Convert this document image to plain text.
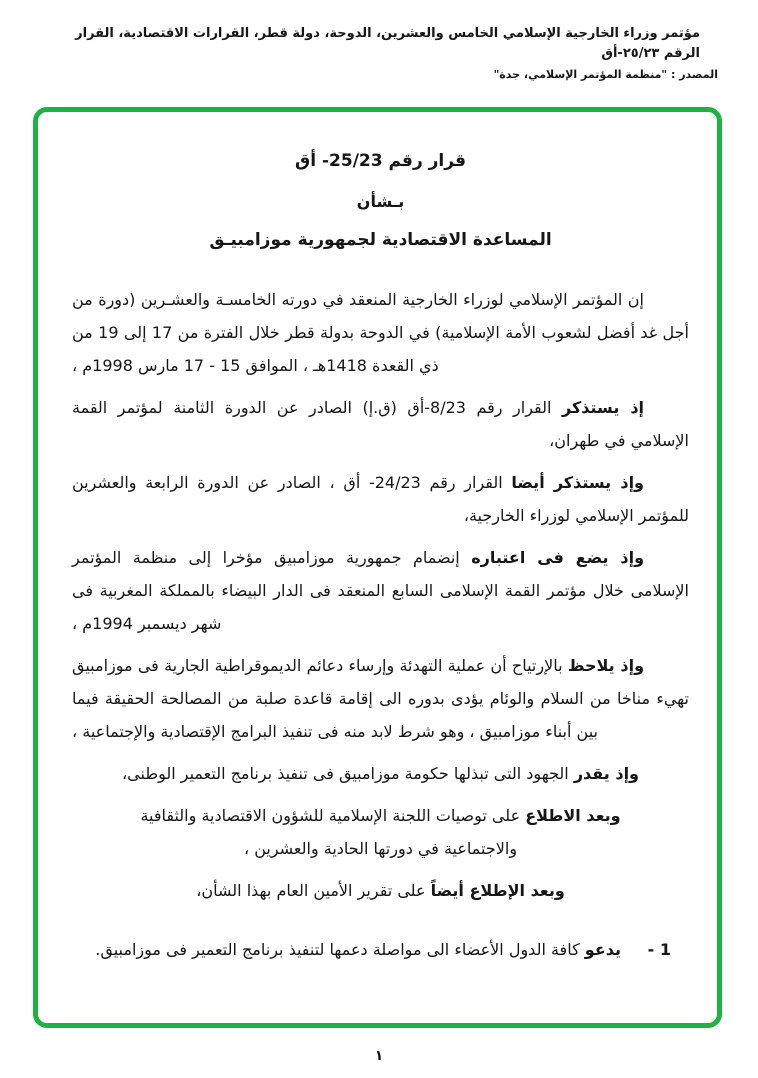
مؤتمر وزراء الخارجية الإسلامي الخامس والعشرين، الدوحة، دولة قطر، القرارات الاقتصادية، القرار الرقم ٢٥/٢٣-أق
المصدر : "منظمة المؤتمر الإسلامي، جدة"
قرار رقم 25/23- أق
بـشأن
المساعدة الاقتصادية لجمهورية موزامبيـق

إن المؤتمر الإسلامي لوزراء الخارجية المنعقد في دورته الخامسـة والعشـرين (دورة من أجل غد أفضل لشعوب الأمة الإسلامية) في الدوحة بدولة قطر خلال الفترة من 17 إلى 19 من ذي القعدة 1418هـ ، الموافق 15 - 17 مارس 1998م ،

إذ يستذكر القرار رقم 8/23-أق (ق.إ) الصادر عن الدورة الثامنة لمؤتمر القمة الإسلامي في طهران،

وإذ يستذكر أيضا القرار رقم 24/23- أق ، الصادر عن الدورة الرابعة والعشرين للمؤتمر الإسلامي لوزراء الخارجية،

وإذ يضع فى اعتباره إنضمام جمهورية موزامبيق مؤخرا إلى منظمة المؤتمر الإسلامى خلال مؤتمر القمة الإسلامى السابع المنعقد فى الدار البيضاء بالمملكة المغربية فى شهر ديسمبر 1994م ،

وإذ يلاحظ بالإرتياح أن عملية التهدئة وإرساء دعائم الديموقراطية الجارية فى موزامبيق تهيء مناخا من السلام والوئام يؤدى بدوره الى إقامة قاعدة صلبة من المصالحة الحقيقة فيما بين أبناء موزامبيق ، وهو شرط لابد منه فى تنفيذ البرامج الإقتصادية والإجتماعية ،

وإذ يقدر الجهود التى تبذلها حكومة موزامبيق فى تنفيذ برنامج التعمير الوطنى،

وبعد الاطلاع على توصيات اللجنة الإسلامية للشؤون الاقتصادية والثقافية والاجتماعية في دورتها الحادية والعشرين ،

وبعد الإطلاع أيضاً على تقرير الأمين العام بهذا الشأن،

1 -

يدعو كافة الدول الأعضاء الى مواصلة دعمها لتنفيذ برنامج التعمير فى موزامبيق.

١
